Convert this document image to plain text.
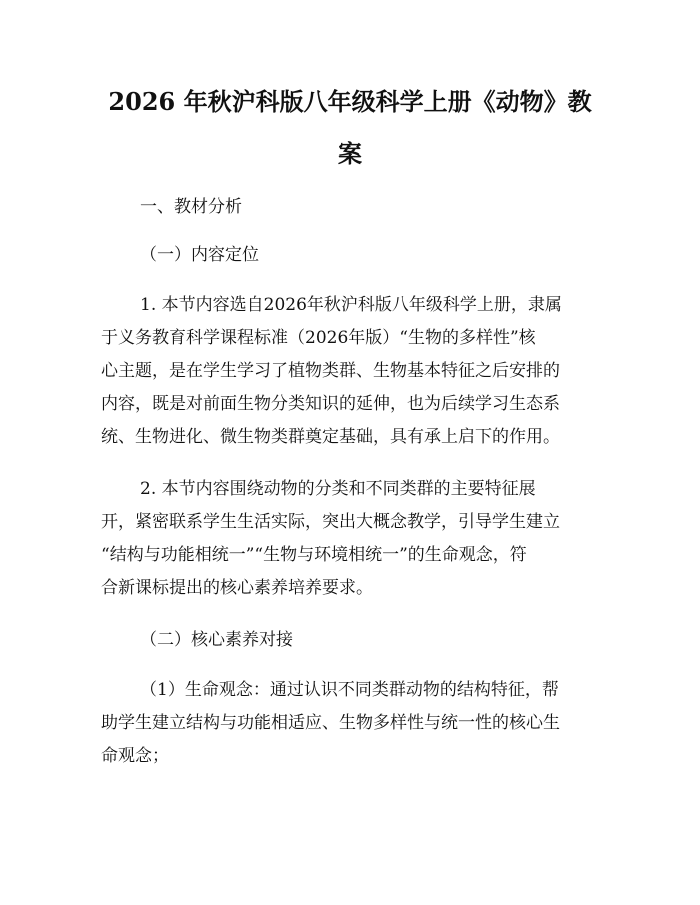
2026 年秋沪科版八年级科学上册《动物》教
案

一、教材分析

（一）内容定位

1. 本节内容选自2026年秋沪科版八年级科学上册，隶属

于义务教育科学课程标准（2026年版）“生物的多样性”核

心主题，是在学生学习了植物类群、生物基本特征之后安排的

内容，既是对前面生物分类知识的延伸，也为后续学习生态系

统、生物进化、微生物类群奠定基础，具有承上启下的作用。

2. 本节内容围绕动物的分类和不同类群的主要特征展

开，紧密联系学生生活实际，突出大概念教学，引导学生建立

“结构与功能相统一”“生物与环境相统一”的生命观念，符

合新课标提出的核心素养培养要求。

（二）核心素养对接

（1）生命观念：通过认识不同类群动物的结构特征，帮

助学生建立结构与功能相适应、生物多样性与统一性的核心生

命观念；
